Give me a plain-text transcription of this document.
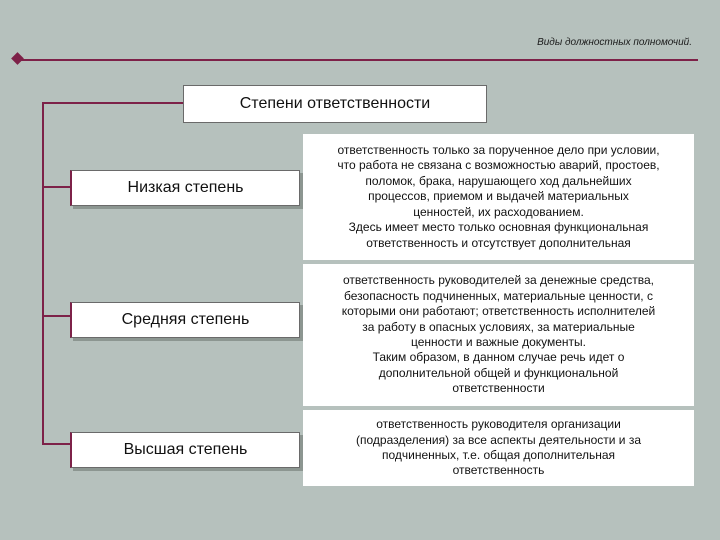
Виды должностных полномочий.
Степени ответственности
Низкая степень
ответственность только за порученное дело при условии,
что работа не связана с возможностью аварий, простоев,
поломок, брака, нарушающего ход дальнейших
процессов, приемом и выдачей материальных
ценностей, их расходованием.
Здесь имеет место только основная функциональная
ответственность и отсутствует дополнительная
Средняя степень
ответственность руководителей за денежные средства,
безопасность подчиненных, материальные ценности, с
которыми они работают; ответственность исполнителей
за работу в опасных условиях, за материальные
ценности и важные документы.
Таким образом, в данном случае речь идет о
дополнительной общей и функциональной
ответственности
Высшая степень
ответственность руководителя организации
(подразделения) за все аспекты деятельности и за
подчиненных, т.е. общая дополнительная
ответственность
